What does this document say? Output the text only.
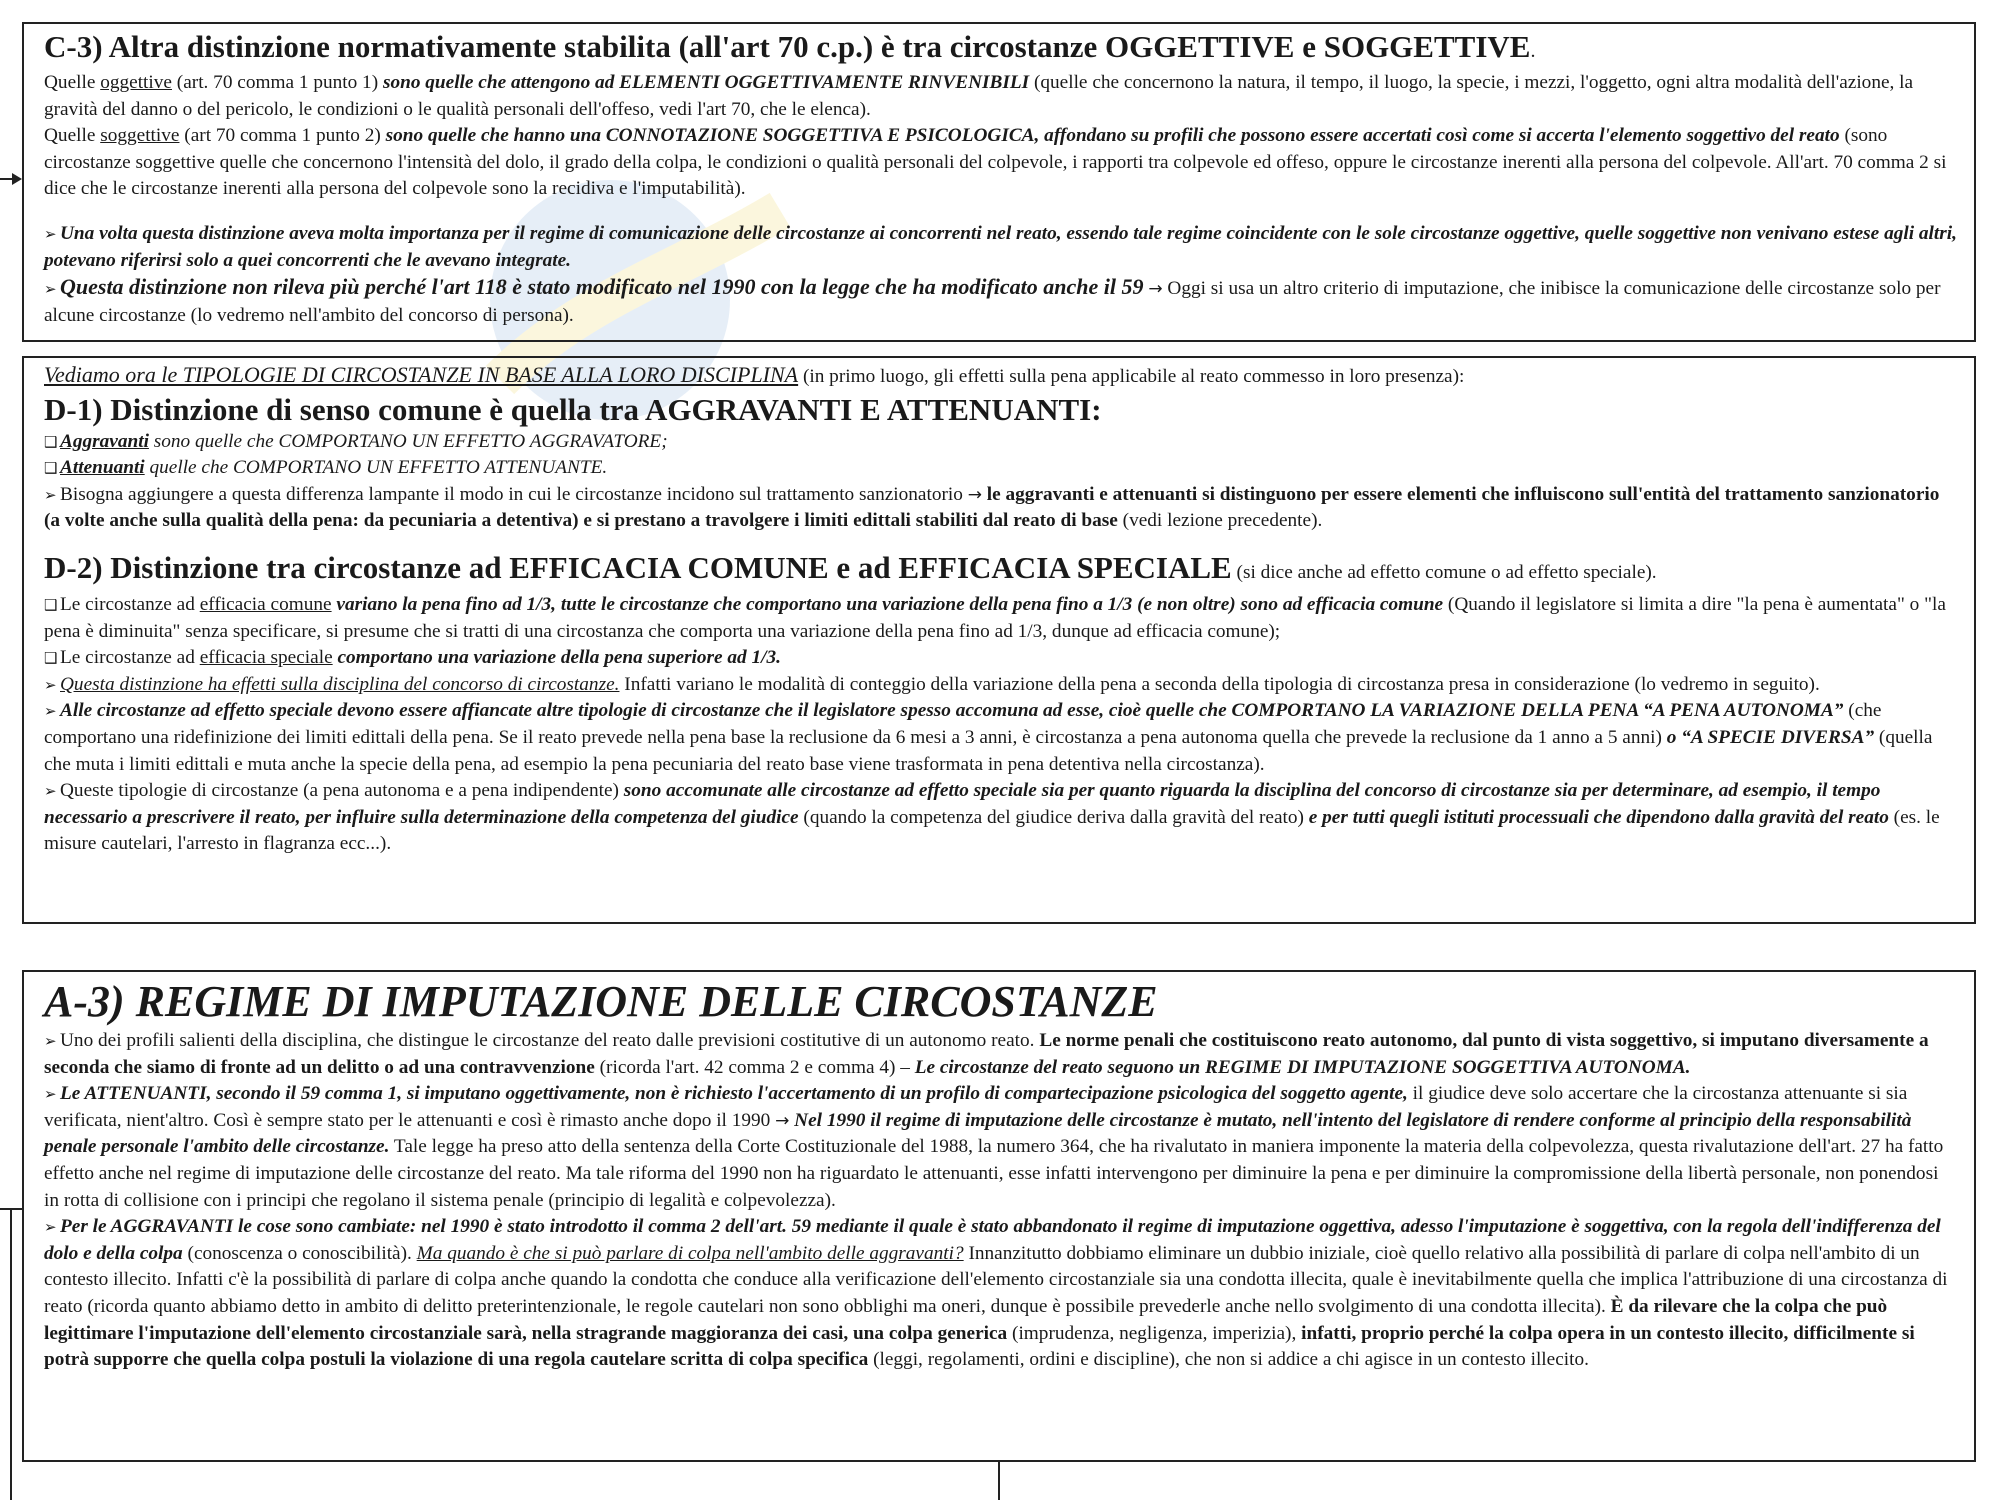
C-3) Altra distinzione normativamente stabilita (all'art 70 c.p.) è tra circostanze OGGETTIVE e SOGGETTIVE.

Quelle oggettive (art. 70 comma 1 punto 1) sono quelle che attengono ad ELEMENTI OGGETTIVAMENTE RINVENIBILI (quelle che concernono la natura, il tempo, il luogo, la specie, i mezzi, l'oggetto, ogni altra modalità dell'azione, la gravità del danno o del pericolo, le condizioni o le qualità personali dell'offeso, vedi l'art 70, che le elenca).

Quelle soggettive (art 70 comma 1 punto 2) sono quelle che hanno una CONNOTAZIONE SOGGETTIVA E PSICOLOGICA, affondano su profili che possono essere accertati così come si accerta l'elemento soggettivo del reato (sono circostanze soggettive quelle che concernono l'intensità del dolo, il grado della colpa, le condizioni o qualità personali del colpevole, i rapporti tra colpevole ed offeso, oppure le circostanze inerenti alla persona del colpevole. All'art. 70 comma 2 si dice che le circostanze inerenti alla persona del colpevole sono la recidiva e l'imputabilità).

➢ Una volta questa distinzione aveva molta importanza per il regime di comunicazione delle circostanze ai concorrenti nel reato, essendo tale regime coincidente con le sole circostanze oggettive, quelle soggettive non venivano estese agli altri, potevano riferirsi solo a quei concorrenti che le avevano integrate.

➢ Questa distinzione non rileva più perché l'art 118 è stato modificato nel 1990 con la legge che ha modificato anche il 59 → Oggi si usa un altro criterio di imputazione, che inibisce la comunicazione delle circostanze solo per alcune circostanze (lo vedremo nell'ambito del concorso di persona).

Vediamo ora le TIPOLOGIE DI CIRCOSTANZE IN BASE ALLA LORO DISCIPLINA (in primo luogo, gli effetti sulla pena applicabile al reato commesso in loro presenza):

D-1) Distinzione di senso comune è quella tra AGGRAVANTI E ATTENUANTI:

❑ Aggravanti sono quelle che COMPORTANO UN EFFETTO AGGRAVATORE;

❑ Attenuanti quelle che COMPORTANO UN EFFETTO ATTENUANTE.

➢ Bisogna aggiungere a questa differenza lampante il modo in cui le circostanze incidono sul trattamento sanzionatorio → le aggravanti e attenuanti si distinguono per essere elementi che influiscono sull'entità del trattamento sanzionatorio (a volte anche sulla qualità della pena: da pecuniaria a detentiva) e si prestano a travolgere i limiti edittali stabiliti dal reato di base (vedi lezione precedente).

D-2) Distinzione tra circostanze ad EFFICACIA COMUNE e ad EFFICACIA SPECIALE (si dice anche ad effetto comune o ad effetto speciale).

❑ Le circostanze ad efficacia comune variano la pena fino ad 1/3, tutte le circostanze che comportano una variazione della pena fino a 1/3 (e non oltre) sono ad efficacia comune (Quando il legislatore si limita a dire "la pena è aumentata" o "la pena è diminuita" senza specificare, si presume che si tratti di una circostanza che comporta una variazione della pena fino ad 1/3, dunque ad efficacia comune);

❑ Le circostanze ad efficacia speciale comportano una variazione della pena superiore ad 1/3.

➢ Questa distinzione ha effetti sulla disciplina del concorso di circostanze. Infatti variano le modalità di conteggio della variazione della pena a seconda della tipologia di circostanza presa in considerazione (lo vedremo in seguito).

➢ Alle circostanze ad effetto speciale devono essere affiancate altre tipologie di circostanze che il legislatore spesso accomuna ad esse, cioè quelle che COMPORTANO LA VARIAZIONE DELLA PENA “A PENA AUTONOMA” (che comportano una ridefinizione dei limiti edittali della pena. Se il reato prevede nella pena base la reclusione da 6 mesi a 3 anni, è circostanza a pena autonoma quella che prevede la reclusione da 1 anno a 5 anni) o “A SPECIE DIVERSA” (quella che muta i limiti edittali e muta anche la specie della pena, ad esempio la pena pecuniaria del reato base viene trasformata in pena detentiva nella circostanza).

➢ Queste tipologie di circostanze (a pena autonoma e a pena indipendente) sono accomunate alle circostanze ad effetto speciale sia per quanto riguarda la disciplina del concorso di circostanze sia per determinare, ad esempio, il tempo necessario a prescrivere il reato, per influire sulla determinazione della competenza del giudice (quando la competenza del giudice deriva dalla gravità del reato) e per tutti quegli istituti processuali che dipendono dalla gravità del reato (es. le misure cautelari, l'arresto in flagranza ecc...).

A-3) REGIME DI IMPUTAZIONE DELLE CIRCOSTANZE

➢ Uno dei profili salienti della disciplina, che distingue le circostanze del reato dalle previsioni costitutive di un autonomo reato. Le norme penali che costituiscono reato autonomo, dal punto di vista soggettivo, si imputano diversamente a seconda che siamo di fronte ad un delitto o ad una contravvenzione (ricorda l'art. 42 comma 2 e comma 4) – Le circostanze del reato seguono un REGIME DI IMPUTAZIONE SOGGETTIVA AUTONOMA.

➢ Le ATTENUANTI, secondo il 59 comma 1, si imputano oggettivamente, non è richiesto l'accertamento di un profilo di compartecipazione psicologica del soggetto agente, il giudice deve solo accertare che la circostanza attenuante si sia verificata, nient'altro. Così è sempre stato per le attenuanti e così è rimasto anche dopo il 1990 → Nel 1990 il regime di imputazione delle circostanze è mutato, nell'intento del legislatore di rendere conforme al principio della responsabilità penale personale l'ambito delle circostanze. Tale legge ha preso atto della sentenza della Corte Costituzionale del 1988, la numero 364, che ha rivalutato in maniera imponente la materia della colpevolezza, questa rivalutazione dell'art. 27 ha fatto effetto anche nel regime di imputazione delle circostanze del reato. Ma tale riforma del 1990 non ha riguardato le attenuanti, esse infatti intervengono per diminuire la pena e per diminuire la compromissione della libertà personale, non ponendosi in rotta di collisione con i principi che regolano il sistema penale (principio di legalità e colpevolezza).

➢ Per le AGGRAVANTI le cose sono cambiate: nel 1990 è stato introdotto il comma 2 dell'art. 59 mediante il quale è stato abbandonato il regime di imputazione oggettiva, adesso l'imputazione è soggettiva, con la regola dell'indifferenza del dolo e della colpa (conoscenza o conoscibilità). Ma quando è che si può parlare di colpa nell'ambito delle aggravanti? Innanzitutto dobbiamo eliminare un dubbio iniziale, cioè quello relativo alla possibilità di parlare di colpa nell'ambito di un contesto illecito. Infatti c'è la possibilità di parlare di colpa anche quando la condotta che conduce alla verificazione dell'elemento circostanziale sia una condotta illecita, quale è inevitabilmente quella che implica l'attribuzione di una circostanza di reato (ricorda quanto abbiamo detto in ambito di delitto preterintenzionale, le regole cautelari non sono obblighi ma oneri, dunque è possibile prevederle anche nello svolgimento di una condotta illecita). È da rilevare che la colpa che può legittimare l'imputazione dell'elemento circostanziale sarà, nella stragrande maggioranza dei casi, una colpa generica (imprudenza, negligenza, imperizia), infatti, proprio perché la colpa opera in un contesto illecito, difficilmente si potrà supporre che quella colpa postuli la violazione di una regola cautelare scritta di colpa specifica (leggi, regolamenti, ordini e discipline), che non si addice a chi agisce in un contesto illecito.
